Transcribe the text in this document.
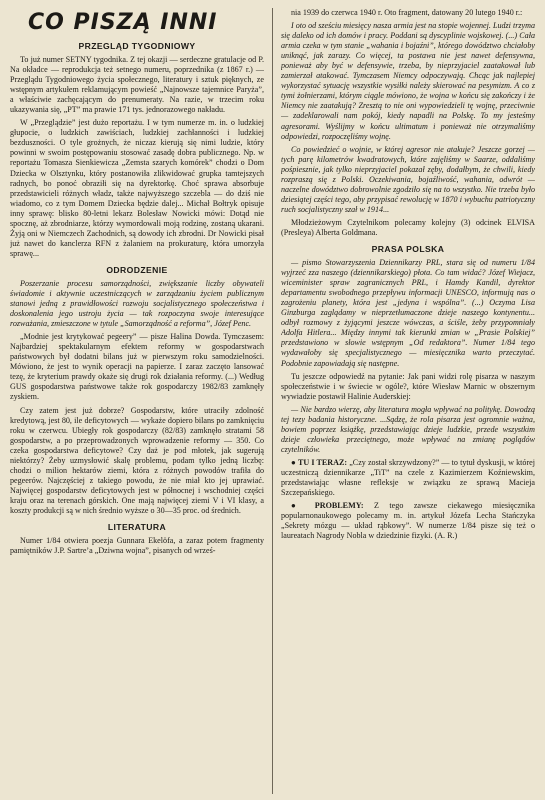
CO PISZĄ INNI
PRZEGLĄD TYGODNIOWY

To już numer SETNY tygodnika. Z tej okazji — serdeczne gratulacje od P. Na okładce — reprodukcja też setnego numeru, poprzednika (z 1867 r.) — Przeglądu Tygodniowego życia społecznego, literatury i sztuk pięknych, ze wstępnym artykułem reklamującym powieść „Najnowsze tajemnice Paryża”, a właściwie zachęcającym do prenumeraty. Na razie, w trzecim roku ukazywania się, „PT” ma prawie 171 tys. jednorazowego nakładu.

W „Przeglądzie” jest dużo reportażu. I w tym numerze m. in. o ludzkiej głupocie, o ludzkich zawiściach, ludzkiej zachłanności i ludzkiej bezduszności. O tyle grożnych, że niczaz kierują się nimi ludzie, który powinni w swoim postępowaniu stosować zasadę dobra publicznego. Np. w reportażu Tomasza Sienkiewicza „Zemsta szarych komórek” chodzi o Dom Dziecka w Olsztynku, który postanowiła zlikwidować grupka tamtejszych radnych, bo ponoć obraziłi się na dyrektorkę. Choć sprawa absorbuje przedstawicieli różnych władz, także najwyższego szczebla — do dziś nie wiadomo, co z tym Domem Dziecka będzie dalej... Michał Bołtryk opisuje inny sprawę: blisko 80-letni lekarz Bolesław Nowicki mówi: Dotąd nie spocznę, aż zbrodniarze, którzy wymordowali moją rodzinę, zostaną ukarani. Żyją oni w Niemczech Zachodnich, są dowody ich zbrodni. Dr Nowicki pisał już nawet do kanclerza RFN z żalaniem na prokuraturę, która umorzyła sprawę...

ODRODZENIE

Poszerzanie procesu samorządności, zwiększanie liczby obywateli świadomie i aktywnie uczestniczących w zarządzaniu życiem publicznym stanowi jedną z prawidłowości rozwoju socjalistycznego społeczeństwa i doskonalenia jego ustroju życia — tak rozpoczyna swoje interesujące rozważania, zmieszczone w tytule „Samorządność a reforma”, Józef Penc.

„Modnie jest krytykować pegeery” — pisze Halina Dowda. Tymczasem: Najbardziej spektakularnym efektem reformy w gospodarstwach państwowych był dodatni bilans już w pierwszym roku samodzielności. Mówiono, że jest to wynik operacji na papierze. I zaraz zaczęto lansować tezę, że kryterium prawdy okaże się drugi rok działania reformy. (...) Według GUS gospodarstwa państwowe także rok gospodarczy 1982/83 zamknęły zyskiem.

Czy zatem jest już dobrze? Gospodarstw, które utraciły zdolność kredytową, jest 80, ile deficytowych — wykaże dopiero bilans po zamknięciu roku w czerwcu. Ubiegły rok gospodarczy (82/83) zamknęło stratami 58 gospodarstw, a po przeprowadzonych wprowadzenie reformy — 350. Co czeka gospodarstwa deficytowe? Czy daż je pod młotek, jak sugerują niektórzy? Żeby uzmysłowić skalę problemu, podam tylko jedną liczbę: chodzi o milion hektarów ziemi, która z różnych powodów trafiła do pegeerów. Najczęściej z takiego powodu, że nie miał kto jej uprawiać. Najwięcej gospodarstw deficytowych jest w północnej i wschodniej części kraju oraz na terenach górskich. One mają najwięcej ziemi V i VI klasy, a koszty produkcji są w nich średnio wyższe o 30—35 proc. od średnich.

LITERATURA

Numer 1/84 otwiera poezja Gunnara Ekelöfa, a zaraz potem fragmenty pamiętników J.P. Sartre’a „Dziwna wojna”, pisanych od wrześ-

nia 1939 do czerwca 1940 r. Oto fragment, datowany 20 lutego 1940 r.:

I oto od sześciu miesięcy nasza armia jest na stopie wojennej. Ludzi trzyma się daleko od ich domów i pracy. Poddani są dyscyplinie wojskowej. (...) Cała armia czeka w tym stanie „wahania i bojaźni”, którego dowództwo chciałoby uniknąć, jak zarazy. Co więcej, ta postawa nie jest nawet defensywna, ponieważ aby być w defensywie, trzeba, by nieprzyjaciel zaatakował lub zamierzał atakować. Tymczasem Niemcy odpoczywają. Chcąc jak najlepiej wykorzystać sytuację wszystkie wysiłki należy skierować na pesymizm. A co z tymi żołnierzami, którym ciągle mówiono, że wojna w końcu się zakończy i że Niemcy nie zaatakują? Zresztą to nie oni wypowiedzieli tę wojnę, przeciwnie — zadeklarowali nam pokój, kiedy napadli na Polskę. To my jesteśmy agresorami. Wyślijmy w końcu ultimatum i ponieważ nie otrzymaliśmy odpowiedzi, rozpoczęliśmy wojnę.

Co powiedzieć o wojnie, w której agresor nie atakuje? Jeszcze gorzej — tych parę kilometrów kwadratowych, które zajęliśmy w Saarze, oddaliśmy pośpiesznie, jak tylko nieprzyjaciel pokazał zęby, dodałbym, że chwili, kiedy rozpraszą się z Polski. Oczekiwania, bojaźliwość, wahania, odwrót — naczelne dowództwo dobrowolnie zgodziło się na to wszystko. Nie trzeba było dziesiątej części tego, aby przypisać rewolucję w 1870 i wybuchu patriotyczny ruch socjalistyczny szał w 1914...

Młodzieżowym Czytelnikom polecamy kolejny (3) odcinek ELVISA (Presleya) Alberta Goldmana.

PRASA POLSKA

— pismo Stowarzyszenia Dziennikarzy PRL, stara się od numeru 1/84 wyjrzeć zza naszego (dziennikarskiego) płota. Co tam widać? Józef Wiejacz, wiceminister spraw zagranicznych PRL, i Hamdy Kandil, dyrektor departamentu swobodnego przepływu informacji UNESCO, informują nas o zagrożeniu planety, która jest „jedyna i wspólna”. (...) Oczyma Lisa Ginzburga zaglądamy w nieprzetłumaczone dzieje naszego kontynentu... odbył rozmowy z żyjącymi jeszcze wówczas, a ściśle, żeby przypomniały Adolfa Hitlera... Między innymi tak kierunki zmian w „Prasie Polskiej” przedstawiono w słowie wstępnym „Od redaktora”. Numer 1/84 tego wydawałoby się specjalistycznego — miesięcznika warto przeczytać. Podobnie zapowiadają się następne.

Tu jeszcze odpowiedź na pytanie: Jak pani widzi rolę pisarza w naszym społeczeństwie i w świecie w ogóle?, które Wiesław Marnic w obszernym wywiadzie postawił Halinie Auderskiej:

— Nie bardzo wierzę, aby literatura mogła wpływać na politykę. Dowodzą tej tezy badania historyczne. ...Sądzę, że rola pisarza jest ogromnie ważna, bowiem poprzez książkę, przedstawiając dzieje ludzkie, przede wszystkim dzieje człowieka przeciętnego, może wpływać na zmianę poglądów czytelników.

● TU I TERAZ: „Czy został skrzywdzony?” — to tytuł dyskusji, w której uczestniczą dziennikarze „TiT” na czele z Kazimierzem Koźniewskim, przedstawiając własne refleksje w związku ze sprawą Macieja Szczepańskiego.

● PROBLEMY: Z tego zawsze ciekawego miesięcznika popularnonaukowego polecamy m. in. artykuł Józefa Lecha Stańczyka „Sekrety mózgu — układ rąbkowy”. W numerze 1/84 pisze się też o laureatach Nagrody Nobla w dziedzinie fizyki. (A. R.)
